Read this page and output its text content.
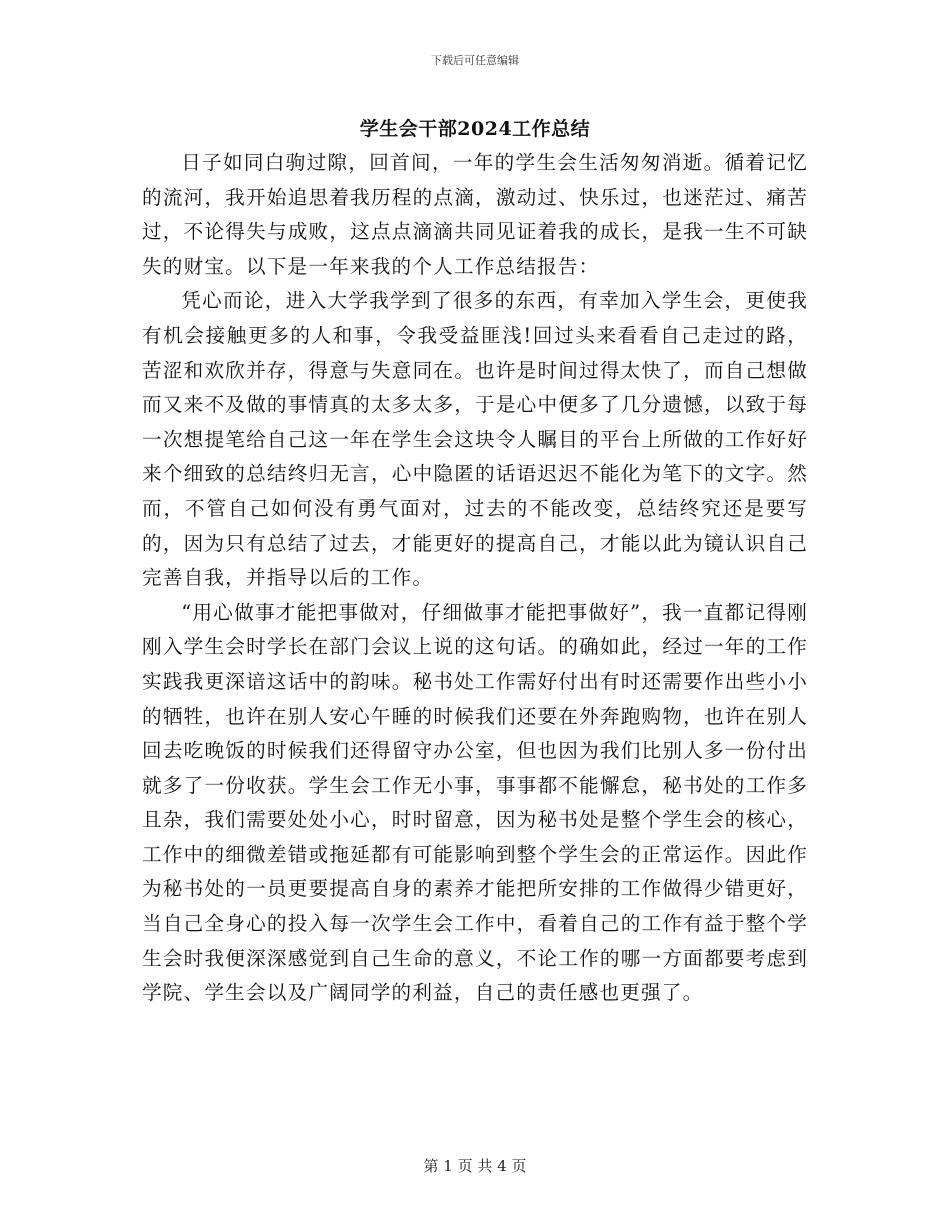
下载后可任意编辑
学生会干部2024工作总结

日子如同白驹过隙，回首间，一年的学生会生活匆匆消逝。循着记忆的流河，我开始追思着我历程的点滴，激动过、快乐过，也迷茫过、痛苦过，不论得失与成败，这点点滴滴共同见证着我的成长，是我一生不可缺失的财宝。以下是一年来我的个人工作总结报告：

凭心而论，进入大学我学到了很多的东西，有幸加入学生会，更使我有机会接触更多的人和事，令我受益匪浅!回过头来看看自己走过的路，苦涩和欢欣并存，得意与失意同在。也许是时间过得太快了，而自己想做而又来不及做的事情真的太多太多，于是心中便多了几分遗憾，以致于每一次想提笔给自己这一年在学生会这块令人瞩目的平台上所做的工作好好来个细致的总结终归无言，心中隐匿的话语迟迟不能化为笔下的文字。然而，不管自己如何没有勇气面对，过去的不能改变，总结终究还是要写的，因为只有总结了过去，才能更好的提高自己，才能以此为镜认识自己完善自我，并指导以后的工作。

“用心做事才能把事做对，仔细做事才能把事做好”，我一直都记得刚刚入学生会时学长在部门会议上说的这句话。的确如此，经过一年的工作实践我更深谙这话中的韵味。秘书处工作需好付出有时还需要作出些小小的牺牲，也许在别人安心午睡的时候我们还要在外奔跑购物，也许在别人回去吃晚饭的时候我们还得留守办公室，但也因为我们比别人多一份付出就多了一份收获。学生会工作无小事，事事都不能懈怠，秘书处的工作多且杂，我们需要处处小心，时时留意，因为秘书处是整个学生会的核心，工作中的细微差错或拖延都有可能影响到整个学生会的正常运作。因此作为秘书处的一员更要提高自身的素养才能把所安排的工作做得少错更好，当自己全身心的投入每一次学生会工作中，看着自己的工作有益于整个学生会时我便深深感觉到自己生命的意义，不论工作的哪一方面都要考虑到学院、学生会以及广阔同学的利益，自己的责任感也更强了。

第 1 页 共 4 页
